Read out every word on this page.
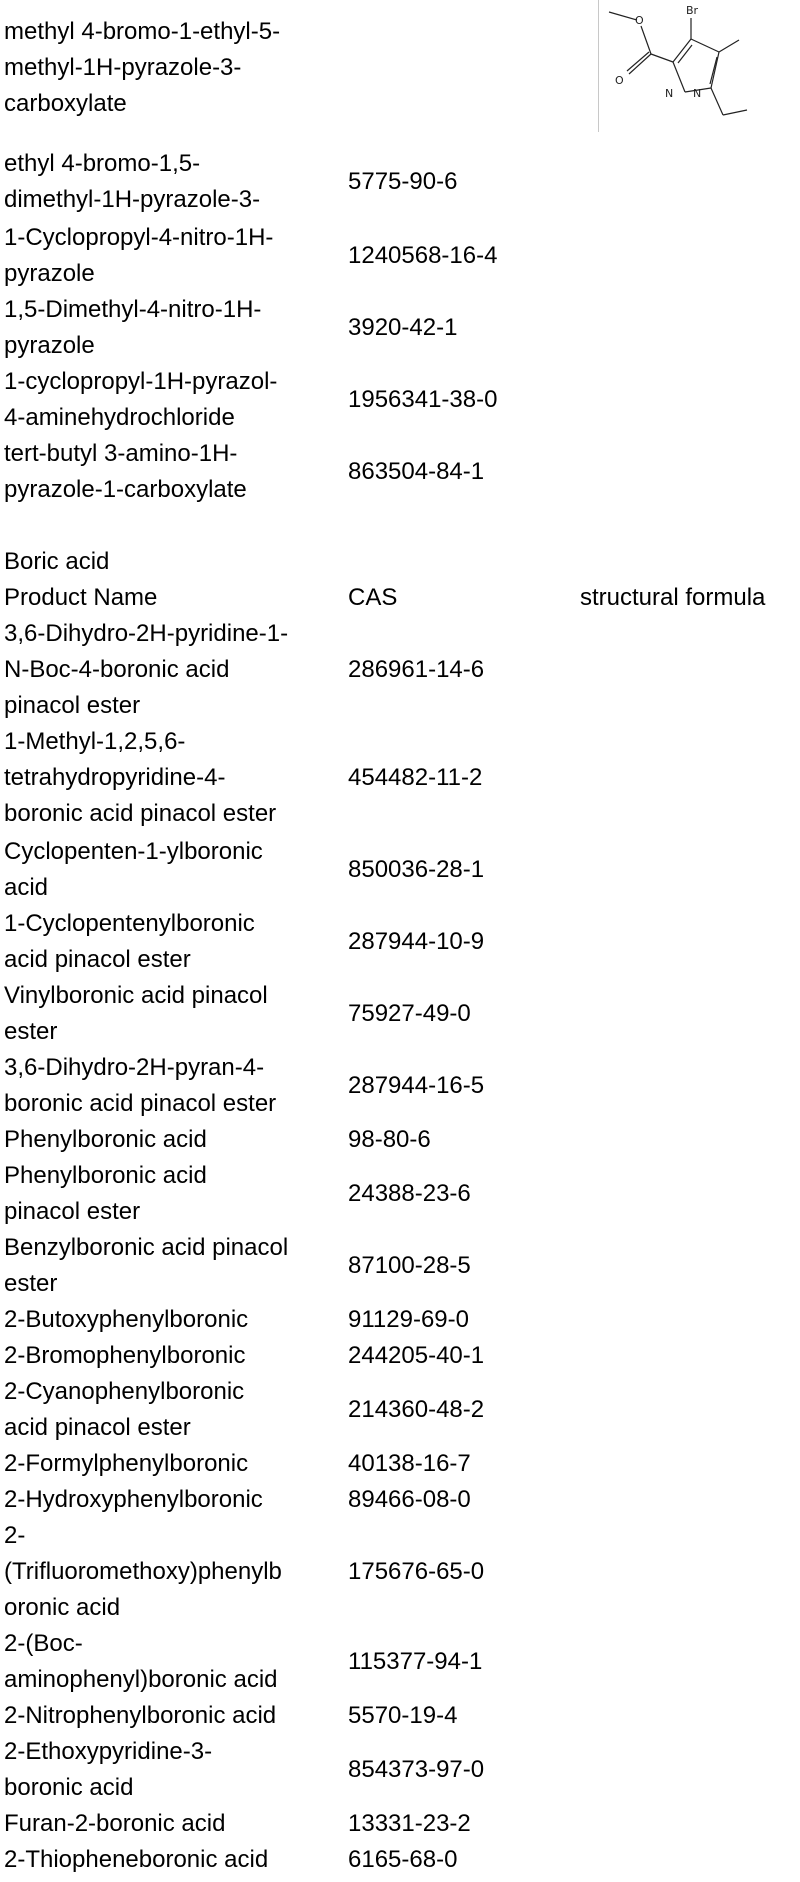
methyl 4-bromo-1-ethyl-5-
methyl-1H-pyrazole-3-
carboxylate
Br
O
O
N N
ethyl 4-bromo-1,5-
dimethyl-1H-pyrazole-3-
5775-90-6
1-Cyclopropyl-4-nitro-1H-
pyrazole
1240568-16-4
1,5-Dimethyl-4-nitro-1H-
pyrazole
3920-42-1
1-cyclopropyl-1H-pyrazol-
4-aminehydrochloride
1956341-38-0
tert-butyl 3-amino-1H-
pyrazole-1-carboxylate
863504-84-1
Boric acid
Product Name	CAS	structural formula
3,6-Dihydro-2H-pyridine-1-
N-Boc-4-boronic acid
pinacol ester
286961-14-6
1-Methyl-1,2,5,6-
tetrahydropyridine-4-
boronic acid pinacol ester
454482-11-2
Cyclopenten-1-ylboronic
acid
850036-28-1
1-Cyclopentenylboronic
acid pinacol ester
287944-10-9
Vinylboronic acid pinacol
ester
75927-49-0
3,6-Dihydro-2H-pyran-4-
boronic acid pinacol ester
287944-16-5
Phenylboronic acid	98-80-6
Phenylboronic acid
pinacol ester
24388-23-6
Benzylboronic acid pinacol
ester
87100-28-5
2-Butoxyphenylboronic	91129-69-0
2-Bromophenylboronic	244205-40-1
2-Cyanophenylboronic
acid pinacol ester
214360-48-2
2-Formylphenylboronic	40138-16-7
2-Hydroxyphenylboronic	89466-08-0
2-
(Trifluoromethoxy)phenylb
oronic acid
175676-65-0
2-(Boc-
aminophenyl)boronic acid
115377-94-1
2-Nitrophenylboronic acid	5570-19-4
2-Ethoxypyridine-3-
boronic acid
854373-97-0
Furan-2-boronic acid	13331-23-2
2-Thiopheneboronic acid	6165-68-0
